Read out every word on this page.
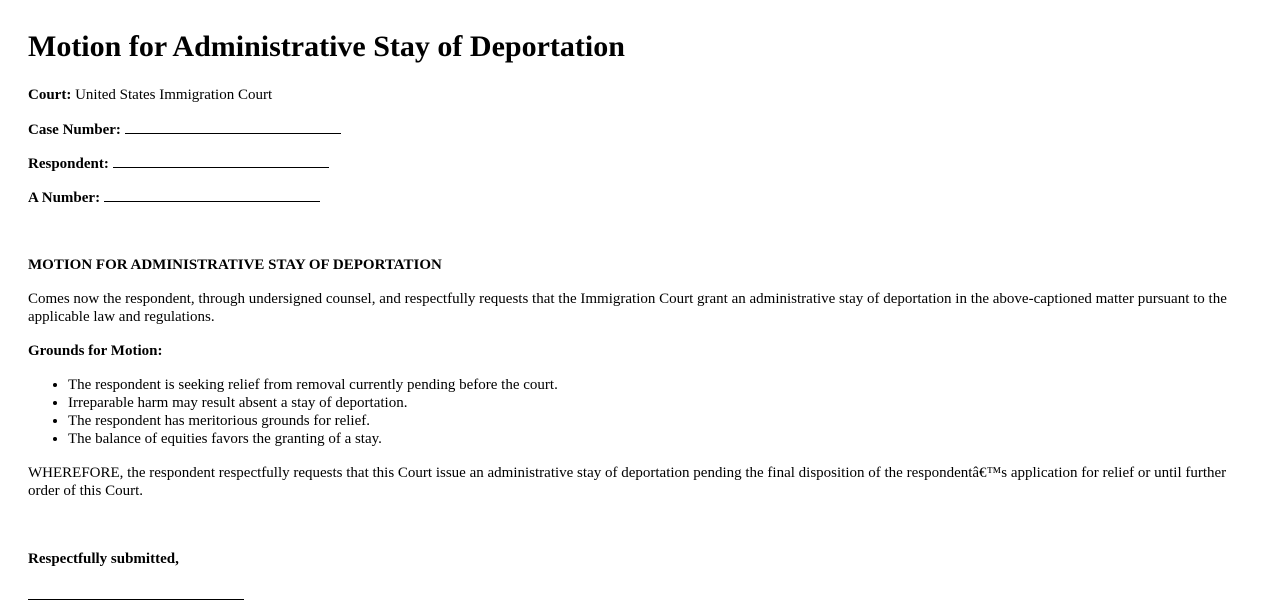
Motion for Administrative Stay of Deportation

Court: United States Immigration Court

Case Number:

Respondent:

A Number:

MOTION FOR ADMINISTRATIVE STAY OF DEPORTATION

Comes now the respondent, through undersigned counsel, and respectfully requests that the Immigration Court grant an administrative stay of deportation in the above-captioned matter pursuant to the applicable law and regulations.

Grounds for Motion:

• The respondent is seeking relief from removal currently pending before the court.
• Irreparable harm may result absent a stay of deportation.
• The respondent has meritorious grounds for relief.
• The balance of equities favors the granting of a stay.

WHEREFORE, the respondent respectfully requests that this Court issue an administrative stay of deportation pending the final disposition of the respondentâ€™s application for relief or until further order of this Court.

Respectfully submitted,
